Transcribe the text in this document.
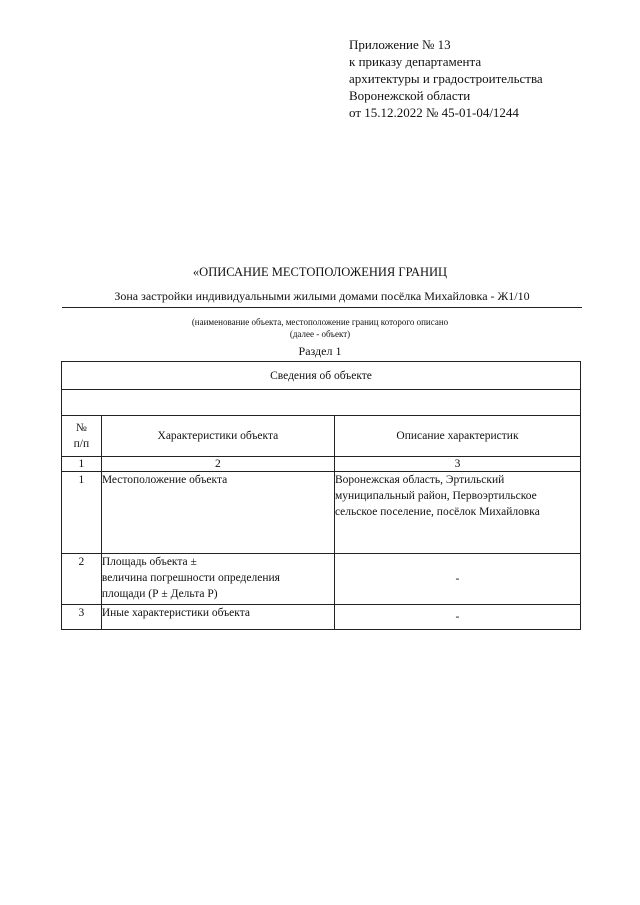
Приложение № 13
к приказу департамента
архитектуры и градостроительства
Воронежской области
от 15.12.2022 № 45-01-04/1244
«ОПИСАНИЕ МЕСТОПОЛОЖЕНИЯ ГРАНИЦ
Зона застройки индивидуальными жилыми домами посёлка Михайловка - Ж1/10
(наименование объекта, местоположение границ которого описано
(далее - объект)
Раздел 1
Сведения об объекте		

№
п/п	Характеристики объекта	Описание характеристик
1	2	3
1	Местоположение объекта	Воронежская область, Эртильский
муниципальный район, Первоэртильское
сельское поселение, посёлок Михайловка

2	Площадь объекта ±
величина погрешности определения
площади (Р ± Дельта Р)	-

3	Иные характеристики объекта	-
